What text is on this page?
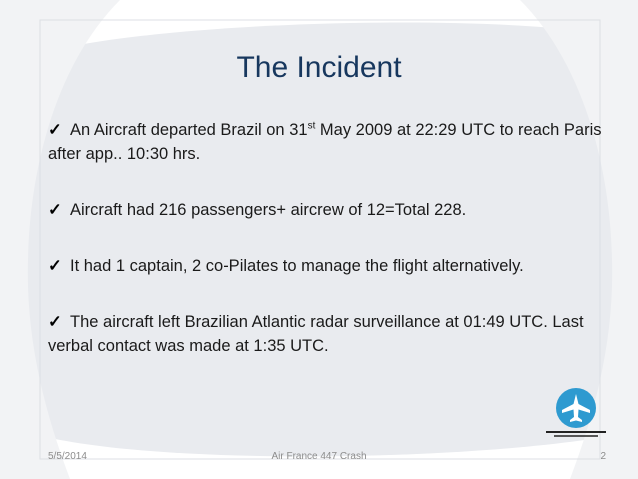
The Incident
✓ An Aircraft departed Brazil on 31st May 2009 at 22:29 UTC to reach Paris after app.. 10:30 hrs.
✓ Aircraft had 216 passengers+ aircrew of 12=Total 228.
✓ It had 1 captain, 2 co-Pilates to manage the flight alternatively.
✓ The aircraft left Brazilian Atlantic radar surveillance at 01:49 UTC. Last verbal contact was made at 1:35 UTC.
5/5/2014	Air France 447 Crash	2
